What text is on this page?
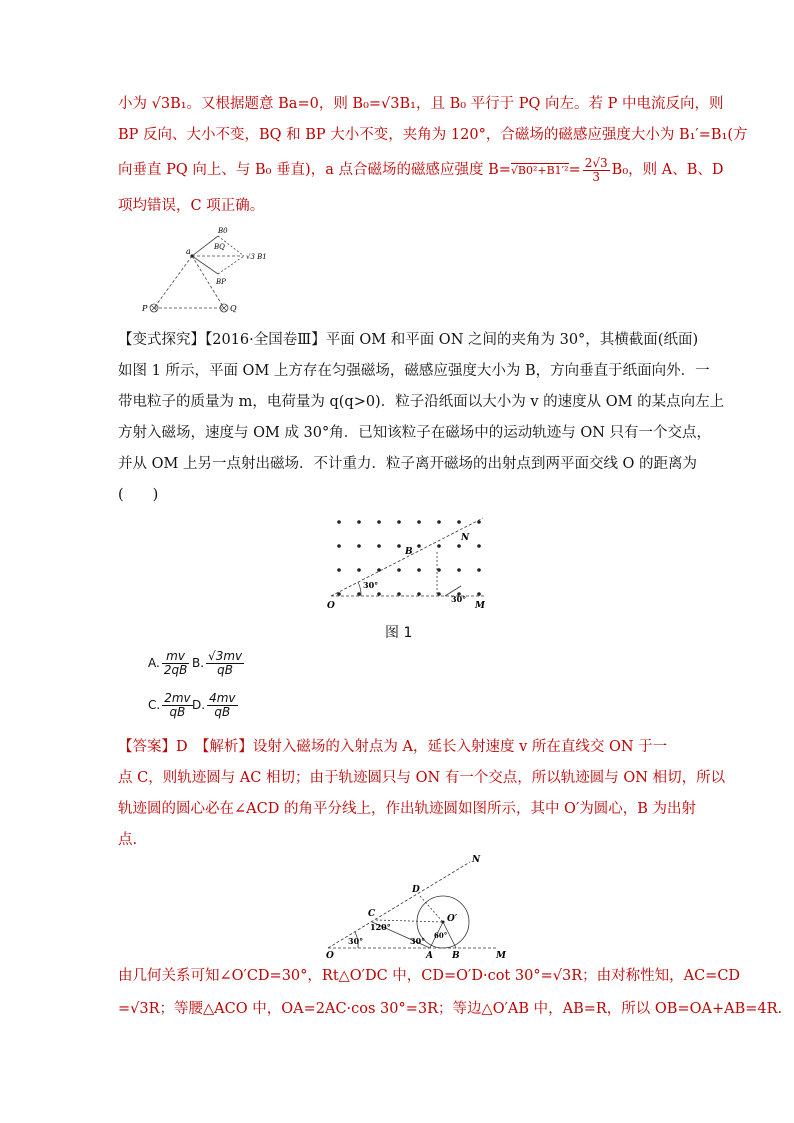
小为 √3B₁。又根据题意 Ba=0，则 B₀=√3B₁，且 B₀ 平行于 PQ 向左。若 P 中电流反向，则
BP 反向、大小不变，BQ 和 BP 大小不变，夹角为 120°，合磁场的磁感应强度大小为 B₁′=B₁(方
向垂直 PQ 向上、与 B₀ 垂直)，a 点合磁场的磁感应强度 $B=√B0^2+B1'^2= \frac{2√3}{3} B_0$，则 A、B、D
项均错误，C 项正确。
a
B0
BQ
√3 B1
BP
P	Q
【变式探究】【2016·全国卷Ⅲ】平面 OM 和平面 ON 之间的夹角为 30°，其横截面(纸面)
如图 1 所示，平面 OM 上方存在匀强磁场，磁感应强度大小为 B，方向垂直于纸面向外．一
带电粒子的质量为 m，电荷量为 q(q>0)．粒子沿纸面以大小为 v 的速度从 OM 的某点向左上
方射入磁场，速度与 OM 成 30°角．已知该粒子在磁场中的运动轨迹与 ON 只有一个交点，
并从 OM 上另一点射出磁场．不计重力．粒子离开磁场的出射点到两平面交线 O 的距离为
(　　)
O	M
N
B
30°
30°
图 1
A. $\frac{mv}{2qB} B$. $\frac{√3mv}{qB}$
C. $\frac{2mv}{qB} D$. $\frac{4mv}{qB}$
【答案】D　【解析】设射入磁场的入射点为 A，延长入射速度 v 所在直线交 ON 于一
点 C，则轨迹圆与 AC 相切；由于轨迹圆只与 ON 有一个交点，所以轨迹圆与 ON 相切，所以
轨迹圆的圆心必在∠ACD 的角平分线上，作出轨迹圆如图所示，其中 O′为圆心，B 为出射
点.
N
D
C	O′
O	A B	M
120°
30°	30°
60°
由几何关系可知∠O′CD=30°，Rt△O′DC 中，CD=O′D·cot 30°=√3R；由对称性知，AC=CD
=√3R；等腰△ACO 中，OA=2AC·cos 30°=3R；等边△O′AB 中，AB=R，所以 OB=OA+AB=4R.
